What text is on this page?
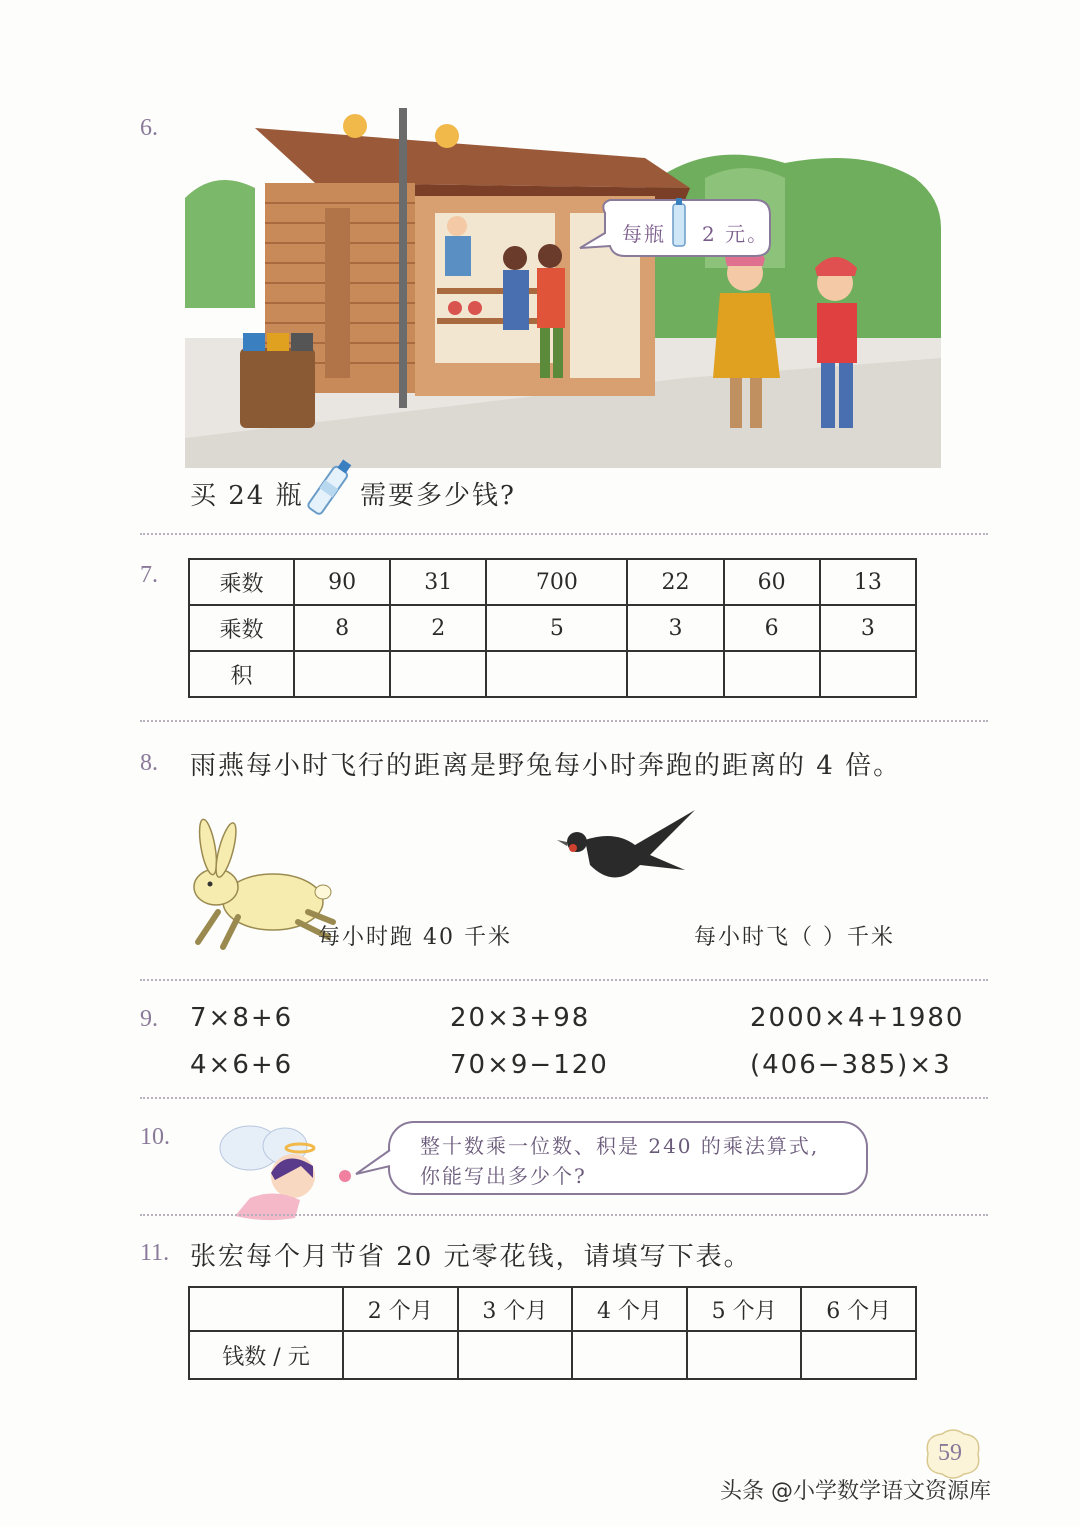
6.
每瓶 2 元。
买 24 瓶 需要多少钱?
7.	乘数	90	31	700	22	60	13
乘数	8	2	5	3	6	3
积						
8. 雨燕每小时飞行的距离是野兔每小时奔跑的距离的 4 倍。
每小时跑 40 千米	每小时飞（ ）千米
9. 7×8+6	20×3+98	2000×4+1980
4×6+6	70×9−120	(406−385)×3
10.	整十数乘一位数、积是 240 的乘法算式,
你能写出多少个?
11. 张宏每个月节省 20 元零花钱，请填写下表。
	2 个月	3 个月	4 个月	5 个月	6 个月
钱数 / 元					
59
头条 @小学数学语文资源库
